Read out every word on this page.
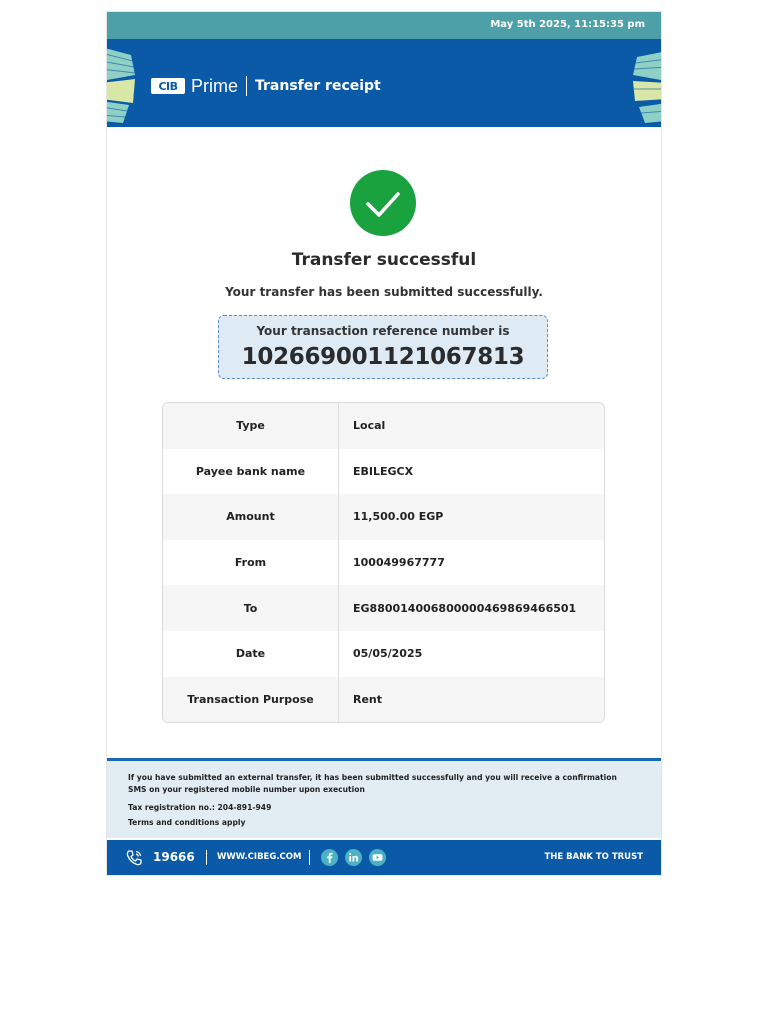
May 5th 2025, 11:15:35 pm
CIB Prime Transfer receipt
Transfer successful
Your transfer has been submitted successfully.
Your transaction reference number is
102669001121067813
Type	Local
Payee bank name	EBILEGCX
Amount	11,500.00 EGP
From	100049967777
To	EG880014006800000469869466501
Date	05/05/2025
Transaction Purpose	Rent
If you have submitted an external transfer, it has been submitted successfully and you will receive a confirmation SMS on your registered mobile number upon execution
Tax registration no.: 204-891-949
Terms and conditions apply
19666	WWW.CIBEG.COM	THE BANK TO TRUST
